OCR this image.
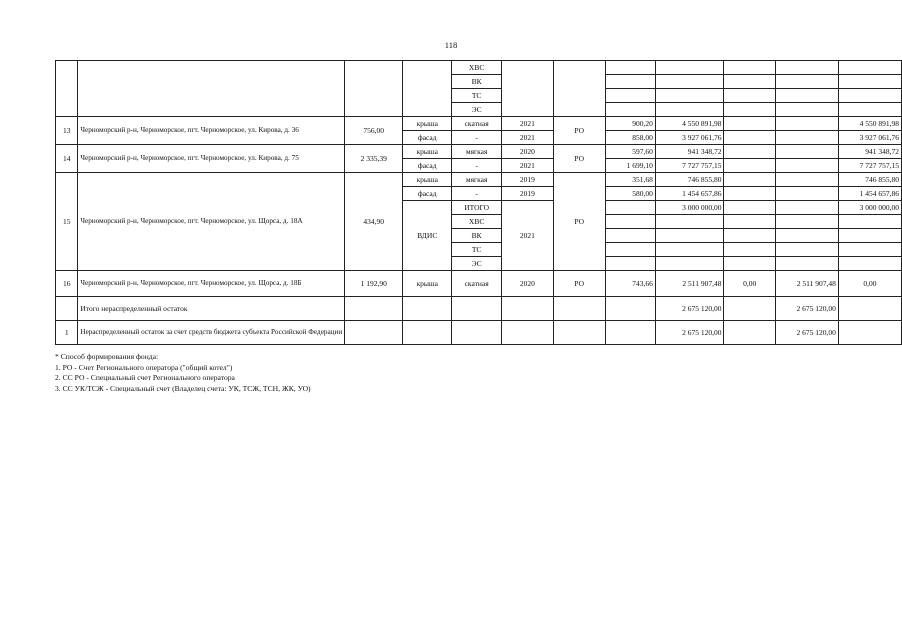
118
				ХВС							
				ВК							
				ТС							
				ЭС							
13	Черноморский р-н, Черноморское, пгт. Черноморское, ул. Кирова, д. 36	756,00	крыша	скатная	2021	РО	900,20	4 550 891,98			4 550 891,98
			фасад	-	2021		858,00	3 927 061,76			3 927 061,76
14	Черноморский р-н, Черноморское, пгт. Черноморское, ул. Кирова, д. 75	2 335,39	крыша	мягкая	2020	РО	597,60	941 348,72			941 348,72
			фасад	-	2021		1 699,10	7 727 757,15			7 727 757,15
15	Черноморский р-н, Черноморское, пгт. Черноморское, ул. Щорса, д. 18А	434,90	крыша	мягкая	2019	РО	351,68	746 855,80			746 855,80
			фасад	-	2019		580,00	1 454 657,86			1 454 657,86
			ВДИС	ИТОГО	2021			3 000 000,00			3 000 000,00
				ХВС							
				ВК							
				ТС							
				ЭС							
16	Черноморский р-н, Черноморское, пгт. Черноморское, ул. Щорса, д. 18Б	1 192,90	крыша	скатная	2020	РО	743,66	2 511 907,48	0,00	2 511 907,48	0,00
	Итого нераспределенный остаток							2 675 120,00		2 675 120,00	
1	Нераспределенный остаток за счет средств бюджета субъекта Российской Федерации							2 675 120,00		2 675 120,00	
* Способ формирования фонда:
1. РО - Счет Регионального оператора ("общий котел")
2. СС РО - Специальный счет Регионального оператора
3. СС УК/ТСЖ - Специальный счет (Владелец счета: УК, ТСЖ, ТСН, ЖК, УО)
